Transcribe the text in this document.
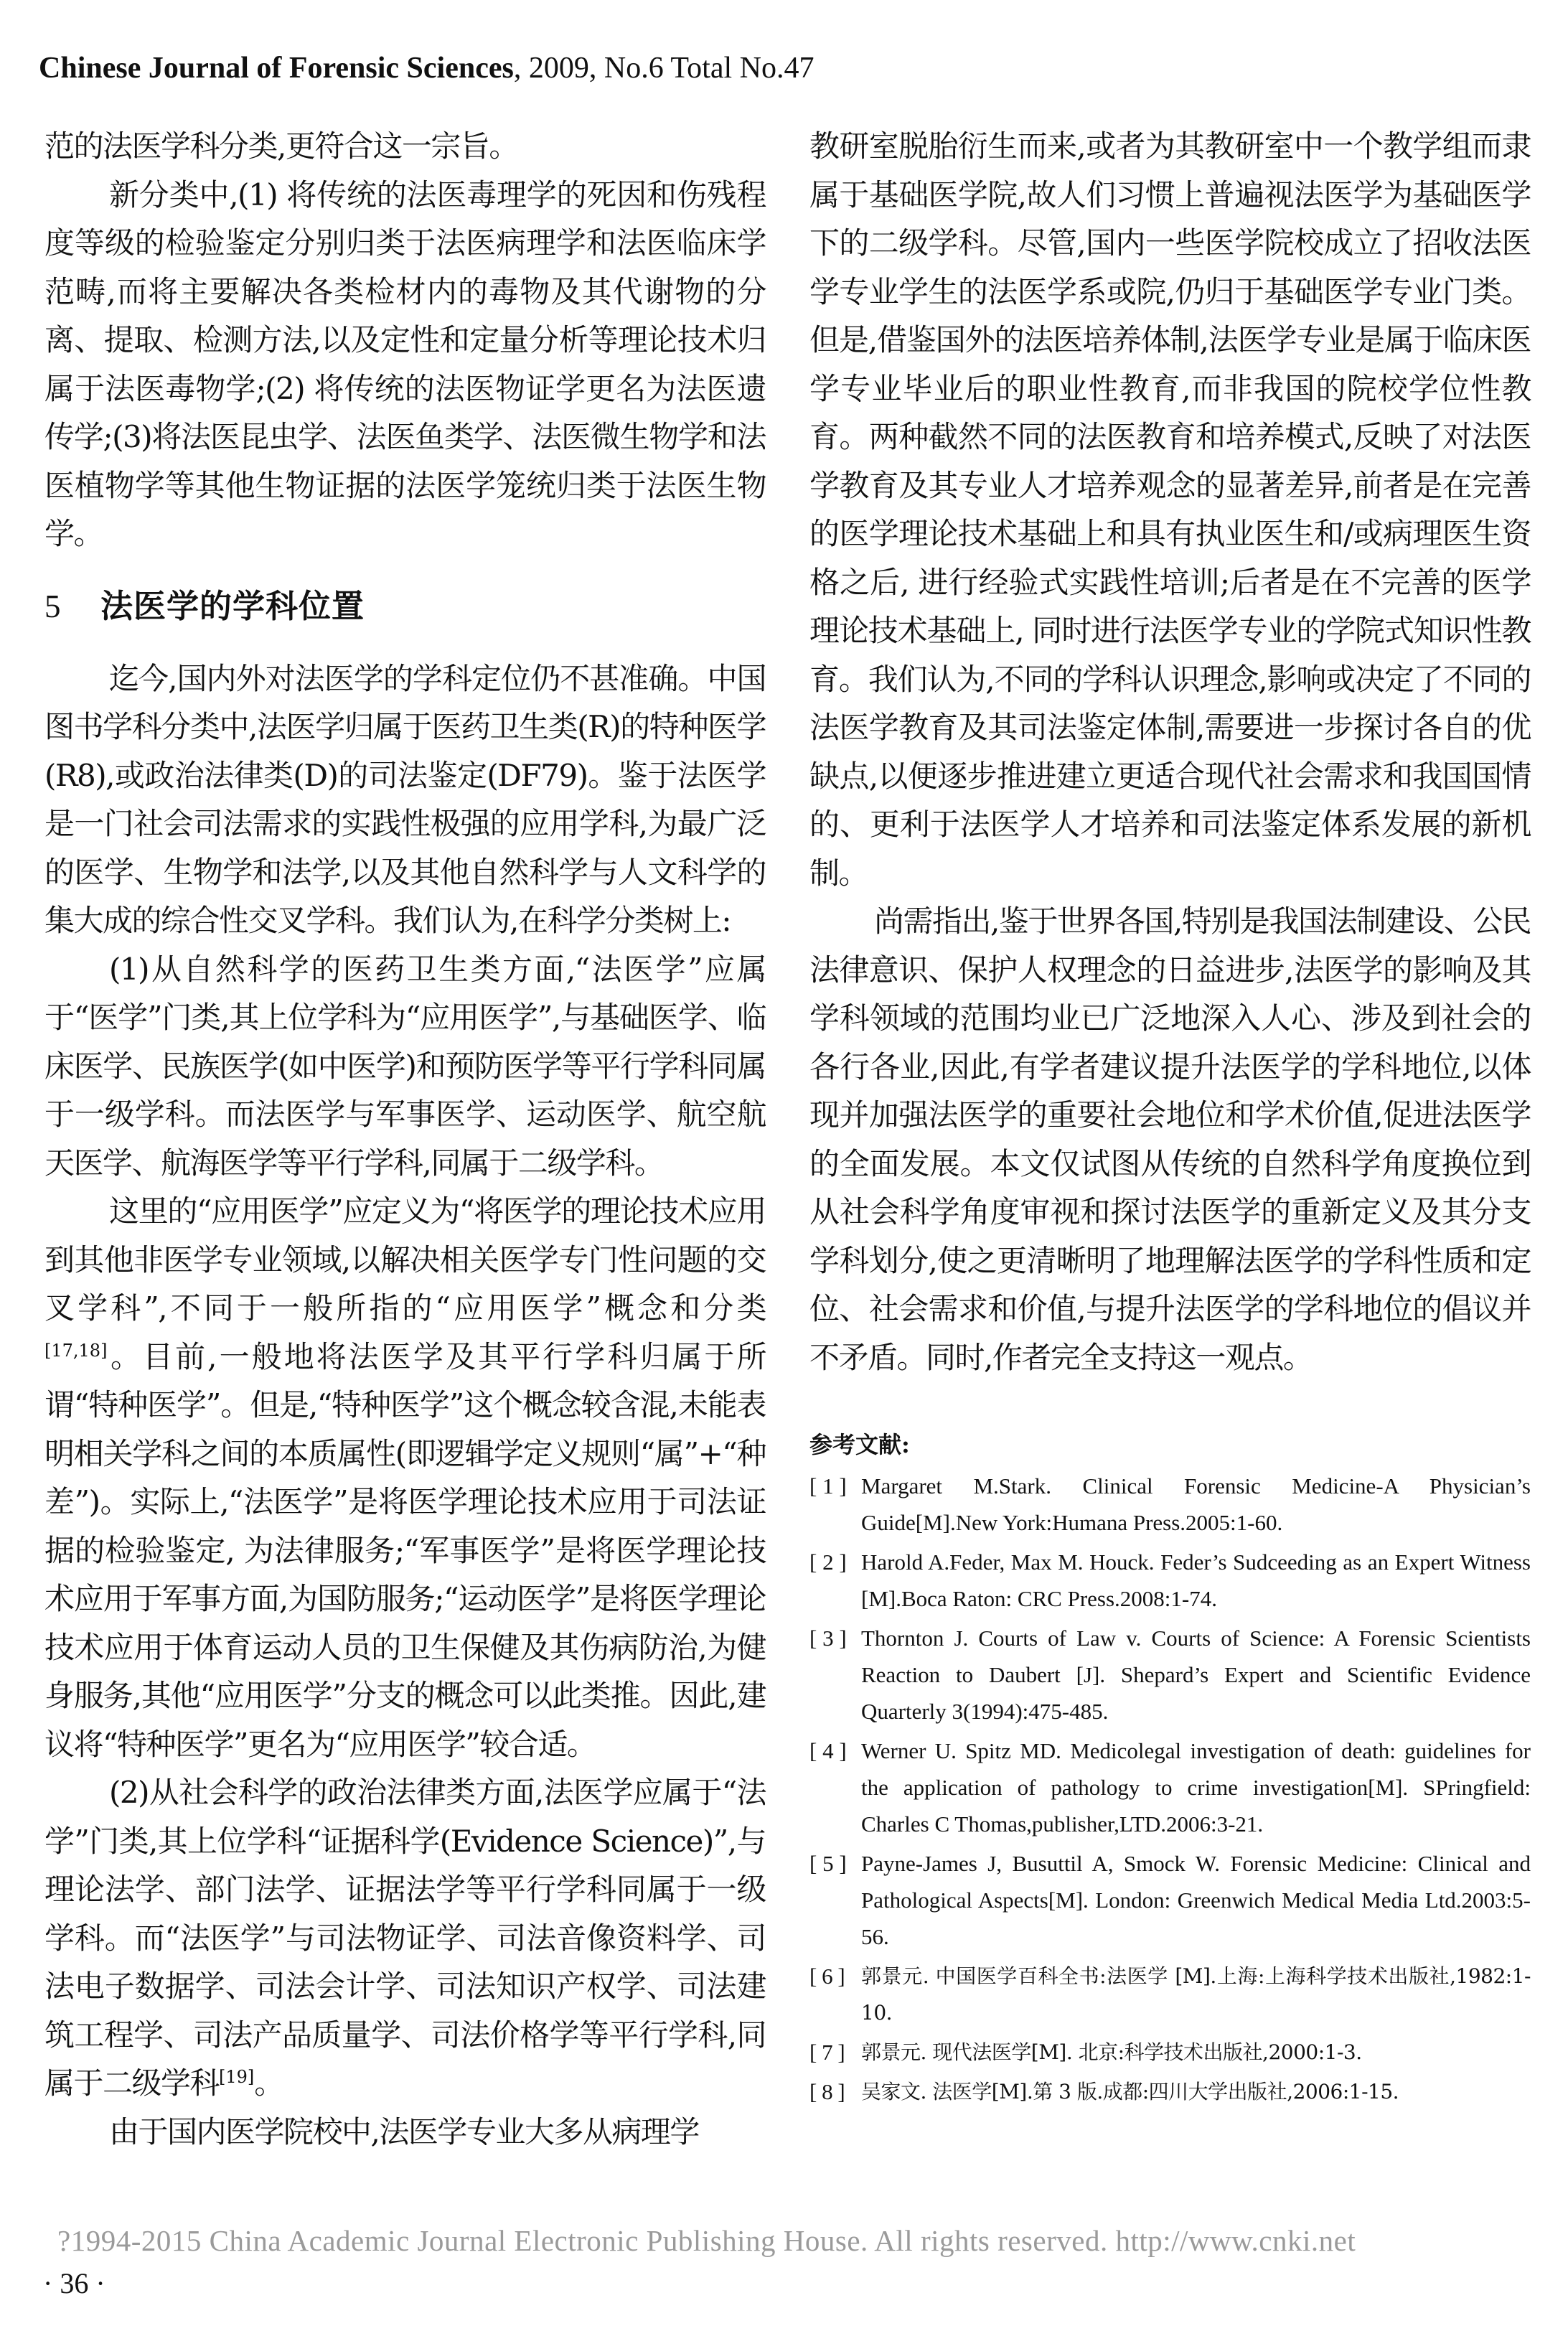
Chinese Journal of Forensic Sciences, 2009, No.6 Total No.47

范的法医学科分类,更符合这一宗旨。

新分类中,(1) 将传统的法医毒理学的死因和伤残程度等级的检验鉴定分别归类于法医病理学和法医临床学范畴,而将主要解决各类检材内的毒物及其代谢物的分离、提取、检测方法,以及定性和定量分析等理论技术归属于法医毒物学;(2) 将传统的法医物证学更名为法医遗传学;(3)将法医昆虫学、法医鱼类学、法医微生物学和法医植物学等其他生物证据的法医学笼统归类于法医生物学。

5 法医学的学科位置

迄今,国内外对法医学的学科定位仍不甚准确。中国图书学科分类中,法医学归属于医药卫生类(R)的特种医学(R8),或政治法律类(D)的司法鉴定(DF79)。鉴于法医学是一门社会司法需求的实践性极强的应用学科,为最广泛的医学、生物学和法学,以及其他自然科学与人文科学的集大成的综合性交叉学科。我们认为,在科学分类树上:

(1)从自然科学的医药卫生类方面,“法医学”应属于“医学”门类,其上位学科为“应用医学”,与基础医学、临床医学、民族医学(如中医学)和预防医学等平行学科同属于一级学科。而法医学与军事医学、运动医学、航空航天医学、航海医学等平行学科,同属于二级学科。

这里的“应用医学”应定义为“将医学的理论技术应用到其他非医学专业领域,以解决相关医学专门性问题的交叉学科”,不同于一般所指的“应用医学”概念和分类[17,18]。目前,一般地将法医学及其平行学科归属于所谓“特种医学”。但是,“特种医学”这个概念较含混,未能表明相关学科之间的本质属性(即逻辑学定义规则“属”+“种差”)。实际上,“法医学”是将医学理论技术应用于司法证据的检验鉴定, 为法律服务;“军事医学”是将医学理论技术应用于军事方面,为国防服务;“运动医学”是将医学理论技术应用于体育运动人员的卫生保健及其伤病防治,为健身服务,其他“应用医学”分支的概念可以此类推。因此,建议将“特种医学”更名为“应用医学”较合适。

(2)从社会科学的政治法律类方面,法医学应属于“法学”门类,其上位学科“证据科学(Evidence Science)”,与理论法学、部门法学、证据法学等平行学科同属于一级学科。而“法医学”与司法物证学、司法音像资料学、司法电子数据学、司法会计学、司法知识产权学、司法建筑工程学、司法产品质量学、司法价格学等平行学科,同属于二级学科[19]。

由于国内医学院校中,法医学专业大多从病理学

教研室脱胎衍生而来,或者为其教研室中一个教学组而隶属于基础医学院,故人们习惯上普遍视法医学为基础医学下的二级学科。尽管,国内一些医学院校成立了招收法医学专业学生的法医学系或院,仍归于基础医学专业门类。但是,借鉴国外的法医培养体制,法医学专业是属于临床医学专业毕业后的职业性教育,而非我国的院校学位性教育。两种截然不同的法医教育和培养模式,反映了对法医学教育及其专业人才培养观念的显著差异,前者是在完善的医学理论技术基础上和具有执业医生和/或病理医生资格之后, 进行经验式实践性培训;后者是在不完善的医学理论技术基础上, 同时进行法医学专业的学院式知识性教育。我们认为,不同的学科认识理念,影响或决定了不同的法医学教育及其司法鉴定体制,需要进一步探讨各自的优缺点,以便逐步推进建立更适合现代社会需求和我国国情的、更利于法医学人才培养和司法鉴定体系发展的新机制。

尚需指出,鉴于世界各国,特别是我国法制建设、公民法律意识、保护人权理念的日益进步,法医学的影响及其学科领域的范围均业已广泛地深入人心、涉及到社会的各行各业,因此,有学者建议提升法医学的学科地位,以体现并加强法医学的重要社会地位和学术价值,促进法医学的全面发展。本文仅试图从传统的自然科学角度换位到从社会科学角度审视和探讨法医学的重新定义及其分支学科划分,使之更清晰明了地理解法医学的学科性质和定位、社会需求和价值,与提升法医学的学科地位的倡议并不矛盾。同时,作者完全支持这一观点。

参考文献:
[ 1 ] Margaret M.Stark. Clinical Forensic Medicine-A Physician’s Guide[M].New York:Humana Press.2005:1-60.
[ 2 ] Harold A.Feder, Max M. Houck. Feder’s Sudceeding as an Expert Witness [M].Boca Raton: CRC Press.2008:1-74.
[ 3 ] Thornton J. Courts of Law v. Courts of Science: A Forensic Scientists Reaction to Daubert [J]. Shepard’s Expert and Scientific Evidence Quarterly 3(1994):475-485.
[ 4 ] Werner U. Spitz MD. Medicolegal investigation of death: guidelines for the application of pathology to crime investigation[M]. SPringfield: Charles C Thomas,publisher,LTD.2006:3-21.
[ 5 ] Payne-James J, Busuttil A, Smock W. Forensic Medicine: Clinical and Pathological Aspects[M]. London: Greenwich Medical Media Ltd.2003:5-56.
[ 6 ] 郭景元. 中国医学百科全书:法医学 [M].上海:上海科学技术出版社,1982:1-10.
[ 7 ] 郭景元. 现代法医学[M]. 北京:科学技术出版社,2000:1-3.
[ 8 ] 吴家文. 法医学[M].第 3 版.成都:四川大学出版社,2006:1-15.
?1994-2015 China Academic Journal Electronic Publishing House. All rights reserved. http://www.cnki.net
· 36 ·
